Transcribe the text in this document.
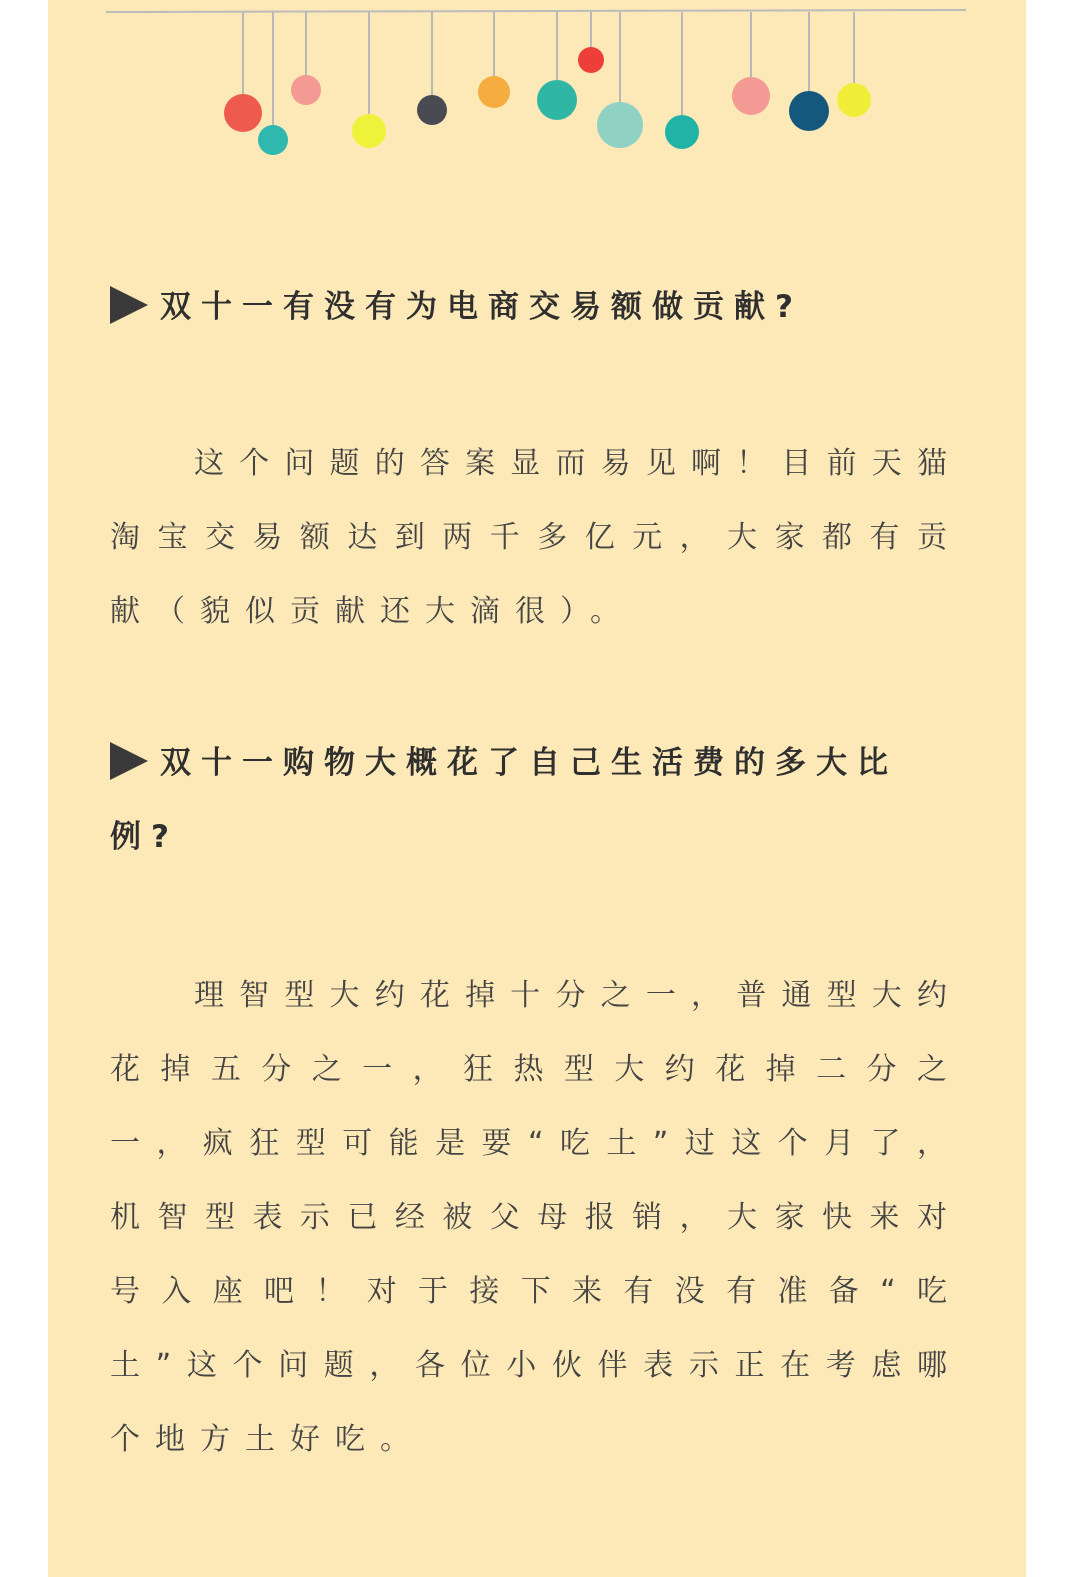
双十一有没有为电商交易额做贡献?
这个问题的答案显而易见啊！目前天猫淘宝交易额达到两千多亿元，大家都有贡献（貌似贡献还大滴很）。
双十一购物大概花了自己生活费的多大比例?
理智型大约花掉十分之一，普通型大约花掉五分之一，狂热型大约花掉二分之一，疯狂型可能是要“吃土”过这个月了，机智型表示已经被父母报销，大家快来对号入座吧！对于接下来有没有准备“吃土”这个问题，各位小伙伴表示正在考虑哪个地方土好吃。
